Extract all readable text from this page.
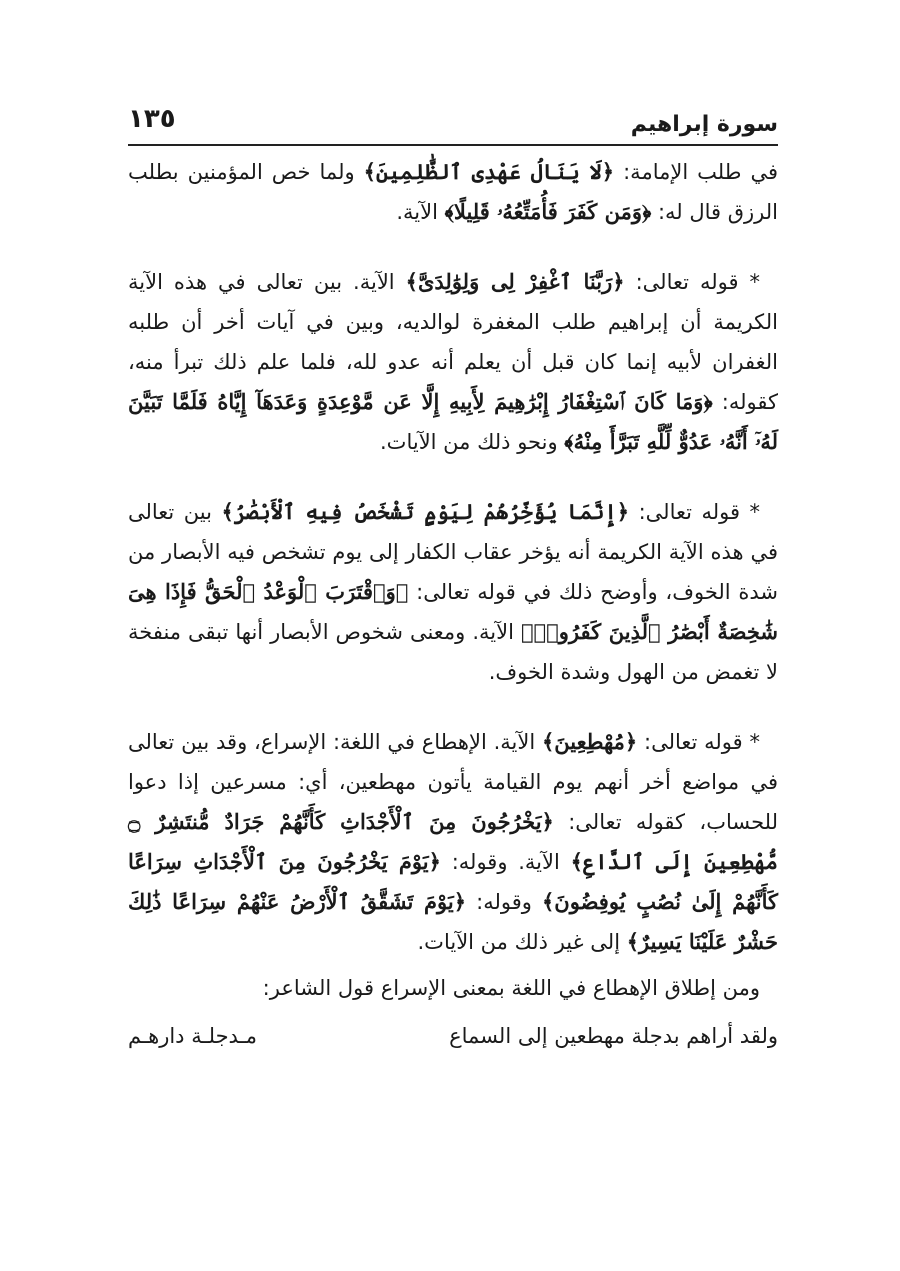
سورة إبراهيم
١٣٥

في طلب الإمامة: ﴿لَا يَنَالُ عَهْدِى ٱلظَّٰلِمِينَ﴾ ولما خص المؤمنين بطلب الرزق قال له: ﴿وَمَن كَفَرَ فَأُمَتِّعُهُۥ قَلِيلًا﴾ الآية.

* قوله تعالى: ﴿رَبَّنَا ٱغْفِرْ لِى وَلِوَٰلِدَىَّ﴾ الآية. بين تعالى في هذه الآية الكريمة أن إبراهيم طلب المغفرة لوالديه، وبين في آيات أخر أن طلبه الغفران لأبيه إنما كان قبل أن يعلم أنه عدو لله، فلما علم ذلك تبرأ منه، كقوله: ﴿وَمَا كَانَ ٱسْتِغْفَارُ إِبْرَٰهِيمَ لِأَبِيهِ إِلَّا عَن مَّوْعِدَةٍ وَعَدَهَآ إِيَّاهُ فَلَمَّا تَبَيَّنَ لَهُۥٓ أَنَّهُۥ عَدُوٌّ لِّلَّهِ تَبَرَّأَ مِنْهُ﴾ ونحو ذلك من الآيات.

* قوله تعالى: ﴿إِنَّمَا يُؤَخِّرُهُمْ لِيَوْمٍ تَشْخَصُ فِيهِ ٱلْأَبْصَٰرُ﴾ بين تعالى في هذه الآية الكريمة أنه يؤخر عقاب الكفار إلى يوم تشخص فيه الأبصار من شدة الخوف، وأوضح ذلك في قوله تعالى: ﴿وَٱقْتَرَبَ ٱلْوَعْدُ ٱلْحَقُّ فَإِذَا هِىَ شَٰخِصَةٌ أَبْصَٰرُ ٱلَّذِينَ كَفَرُوا۟﴾ الآية. ومعنى شخوص الأبصار أنها تبقى منفخة لا تغمض من الهول وشدة الخوف.

* قوله تعالى: ﴿مُهْطِعِينَ﴾ الآية. الإهطاع في اللغة: الإسراع، وقد بين تعالى في مواضع أخر أنهم يوم القيامة يأتون مهطعين، أي: مسرعين إذا دعوا للحساب، كقوله تعالى: ﴿يَخْرُجُونَ مِنَ ٱلْأَجْدَاثِ كَأَنَّهُمْ جَرَادٌ مُّنتَشِرٌ ۝ مُّهْطِعِينَ إِلَى ٱلدَّاعِ﴾ الآية. وقوله: ﴿يَوْمَ يَخْرُجُونَ مِنَ ٱلْأَجْدَاثِ سِرَاعًا كَأَنَّهُمْ إِلَىٰ نُصُبٍ يُوفِضُونَ﴾ وقوله: ﴿يَوْمَ تَشَقَّقُ ٱلْأَرْضُ عَنْهُمْ سِرَاعًا ذَٰلِكَ حَشْرٌ عَلَيْنَا يَسِيرٌ﴾ إلى غير ذلك من الآيات.

ومن إطلاق الإهطاع في اللغة بمعنى الإسراع قول الشاعر:

ولقد أراهم بدجلة مهطعين إلى السماع
مـدجلـة دارهـم
